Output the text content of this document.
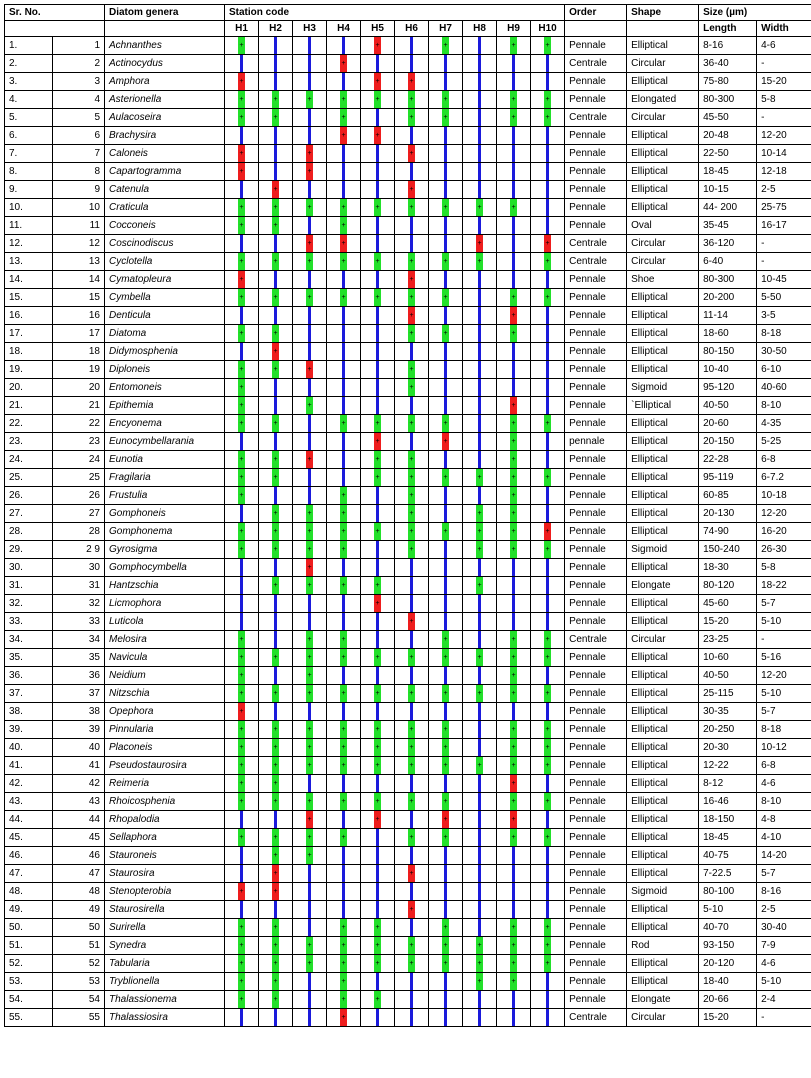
Sr. No.		Diatom genera	Station code										Order	Shape	Size (µm)	
			H1	H2	H3	H4	H5	H6	H7	H8	H9	H10			Length	Width
1.	1	Achnanthes	+				+		+		+	+	Pennale	Elliptical	8-16	4-6
2.	2	Actinocydus				+							Centrale	Circular	36-40	-
3.	3	Amphora	+				+	+					Pennale	Elliptical	75-80	15-20
4.	4	Asterionella	+	+	+	+	+	+	+		+	+	Pennale	Elongated	80-300	5-8
5.	5	Aulacoseira	+	+		+		+	+		+	+	Centrale	Circular	45-50	-
6.	6	Brachysira				+	+						Pennale	Elliptical	20-48	12-20
7.	7	Caloneis	+		+			+					Pennale	Elliptical	22-50	10-14
8.	8	Capartogramma	+		+								Pennale	Elliptical	18-45	12-18
9.	9	Catenula		+				+					Pennale	Elliptical	10-15	2-5
10.	10	Craticula	+	+	+	+	+	+	+	+	+		Pennale	Elliptical	44- 200	25-75
11.	11	Cocconeis	+	+		+							Pennale	Oval	35-45	16-17
12.	12	Coscinodiscus			+	+				+		+	Centrale	Circular	36-120	-
13.	13	Cyclotella	+	+	+	+	+	+	+	+		+	Centrale	Circular	6-40	-
14.	14	Cymatopleura	+					+					Pennale	Shoe	80-300	10-45
15.	15	Cymbella	+	+	+	+	+	+	+		+	+	Pennale	Elliptical	20-200	5-50
16.	16	Denticula						+			+		Pennale	Elliptical	11-14	3-5
17.	17	Diatoma	+	+				+	+		+		Pennale	Elliptical	18-60	8-18
18.	18	Didymosphenia		+									Pennale	Elliptical	80-150	30-50
19.	19	Diploneis	+	+	+			+					Pennale	Elliptical	10-40	6-10
20.	20	Entomoneis	+					+					Pennale	Sigmoid	95-120	40-60
21.	21	Epithemia	+		+						+		Pennale	`Elliptical	40-50	8-10
22.	22	Encyonema	+	+		+	+	+	+		+	+	Pennale	Elliptical	20-60	4-35
23.	23	Eunocymbellarania					+		+		+		pennale	Elliptical	20-150	5-25
24.	24	Eunotia	+	+	+		+	+			+		Pennale	Elliptical	22-28	6-8
25.	25	Fragilaria	+	+			+	+	+	+	+	+	Pennale	Elliptical	95-119	6-7.2
26.	26	Frustulia	+			+		+			+		Pennale	Elliptical	60-85	10-18
27.	27	Gomphoneis		+	+	+		+		+	+		Pennale	Elliptical	20-130	12-20
28.	28	Gomphonema	+	+	+	+	+	+	+	+	+	+	Pennale	Elliptical	74-90	16-20
29.	2 9	Gyrosigma	+	+	+	+		+		+	+	+	Pennale	Sigmoid	150-240	26-30
30.	30	Gomphocymbella			+								Pennale	Elliptical	18-30	5-8
31.	31	Hantzschia		+	+	+	+			+			Pennale	Elongate	80-120	18-22
32.	32	Licmophora					+						Pennale	Elliptical	45-60	5-7
33.	33	Luticola						+					Pennale	Elliptical	15-20	5-10
34.	34	Melosira	+		+	+			+		+	+	Centrale	Circular	23-25	-
35.	35	Navicula	+	+	+	+	+	+	+	+	+	+	Pennale	Elliptical	10-60	5-16
36.	36	Neidium	+		+						+		Pennale	Elliptical	40-50	12-20
37.	37	Nitzschia	+	+	+	+	+	+	+	+	+	+	Pennale	Elliptical	25-115	5-10
38.	38	Opephora	+										Pennale	Elliptical	30-35	5-7
39.	39	Pinnularia	+	+	+	+	+	+	+		+	+	Pennale	Elliptical	20-250	8-18
40.	40	Placoneis	+	+	+	+	+	+	+		+	+	Pennale	Elliptical	20-30	10-12
41.	41	Pseudostaurosira	+	+	+	+	+	+	+	+	+	+	Pennale	Elliptical	12-22	6-8
42.	42	Reimeria	+	+							+		Pennale	Elliptical	8-12	4-6
43.	43	Rhoicosphenia	+	+	+	+	+	+	+		+	+	Pennale	Elliptical	16-46	8-10
44.	44	Rhopalodia			+		+		+		+		Pennale	Elliptical	18-150	4-8
45.	45	Sellaphora	+	+	+	+		+	+		+	+	Pennale	Elliptical	18-45	4-10
46.	46	Stauroneis		+	+								Pennale	Elliptical	40-75	14-20
47.	47	Staurosira		+				+					Pennale	Elliptical	7-22.5	5-7
48.	48	Stenopterobia	+	+									Pennale	Sigmoid	80-100	8-16
49.	49	Staurosirella						+					Pennale	Elliptical	5-10	2-5
50.	50	Surirella	+	+		+	+		+		+	+	Pennale	Elliptical	40-70	30-40
51.	51	Synedra	+	+	+	+	+	+	+	+	+	+	Pennale	Rod	93-150	7-9
52.	52	Tabularia	+	+	+	+	+	+	+	+	+	+	Pennale	Elliptical	20-120	4-6
53.	53	Tryblionella	+	+		+				+	+		Pennale	Elliptical	18-40	5-10
54.	54	Thalassionema	+	+		+	+						Pennale	Elongate	20-66	2-4
55.	55	Thalassiosira				+							Centrale	Circular	15-20	-
